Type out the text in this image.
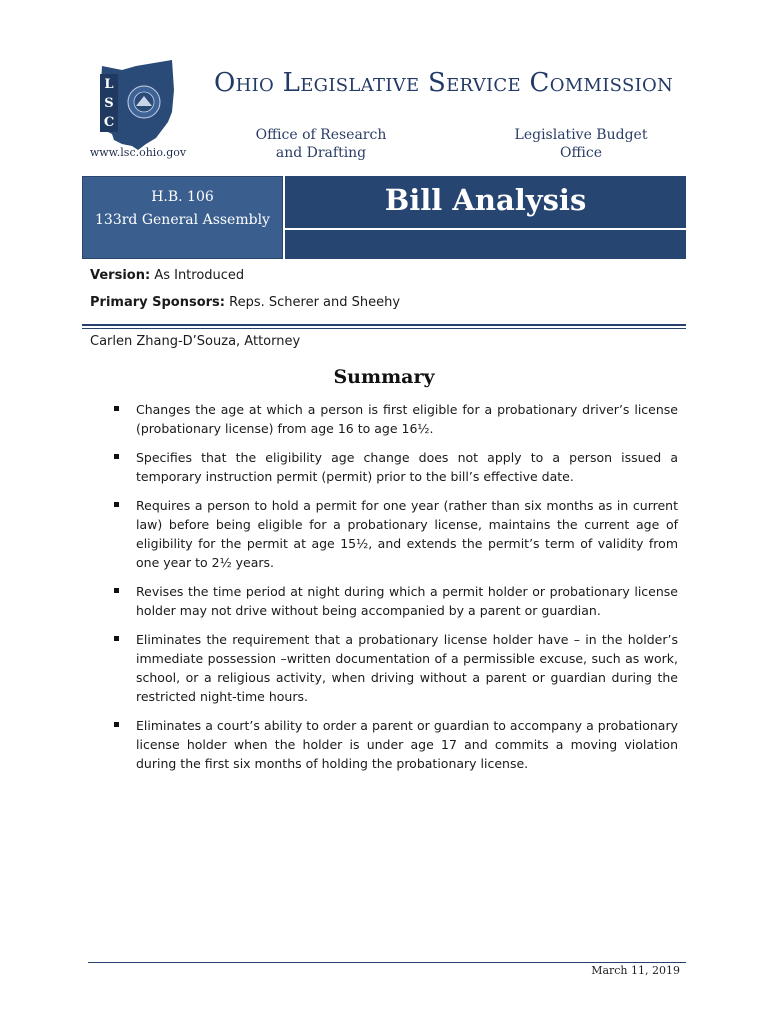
L
S
C
www.lsc.ohio.gov
Ohio Legislative Service Commission
Office of Research
and Drafting
Legislative Budget
Office
H.B. 106
133rd General Assembly
Bill Analysis
Version: As Introduced
Primary Sponsors: Reps. Scherer and Sheehy
Carlen Zhang-D’Souza, Attorney
Summary
Changes the age at which a person is first eligible for a probationary driver’s license (probationary license) from age 16 to age 16½.
Specifies that the eligibility age change does not apply to a person issued a temporary instruction permit (permit) prior to the bill’s effective date.
Requires a person to hold a permit for one year (rather than six months as in current law) before being eligible for a probationary license, maintains the current age of eligibility for the permit at age 15½, and extends the permit’s term of validity from one year to 2½ years.
Revises the time period at night during which a permit holder or probationary license holder may not drive without being accompanied by a parent or guardian.
Eliminates the requirement that a probationary license holder have – in the holder’s immediate possession –written documentation of a permissible excuse, such as work, school, or a religious activity, when driving without a parent or guardian during the restricted night-time hours.
Eliminates a court’s ability to order a parent or guardian to accompany a probationary license holder when the holder is under age 17 and commits a moving violation during the first six months of holding the probationary license.
March 11, 2019
